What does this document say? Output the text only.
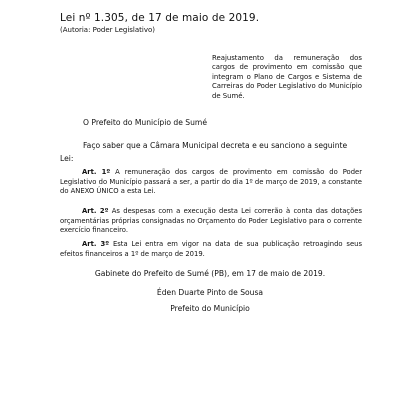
Lei nº 1.305, de 17 de maio de 2019.
(Autoria: Poder Legislativo)
Reajustamento da remuneração dos cargos de provimento em comissão que integram o Plano de Cargos e Sistema de Carreiras do Poder Legislativo do Município de Sumé.
O Prefeito do Município de Sumé
Faço saber que a Câmara Municipal decreta e eu sanciono a seguinte
Lei:
Art. 1º A remuneração dos cargos de provimento em comissão do Poder Legislativo do Município passará a ser, a partir do dia 1º de março de 2019, a constante do ANEXO ÚNICO a esta Lei.
Art. 2º As despesas com a execução desta Lei correrão à conta das dotações orçamentárias próprias consignadas no Orçamento do Poder Legislativo para o corrente exercício financeiro.
Art. 3º Esta Lei entra em vigor na data de sua publicação retroagindo seus efeitos financeiros a 1º de março de 2019.
Gabinete do Prefeito de Sumé (PB), em 17 de maio de 2019.
Éden Duarte Pinto de Sousa
Prefeito do Município
